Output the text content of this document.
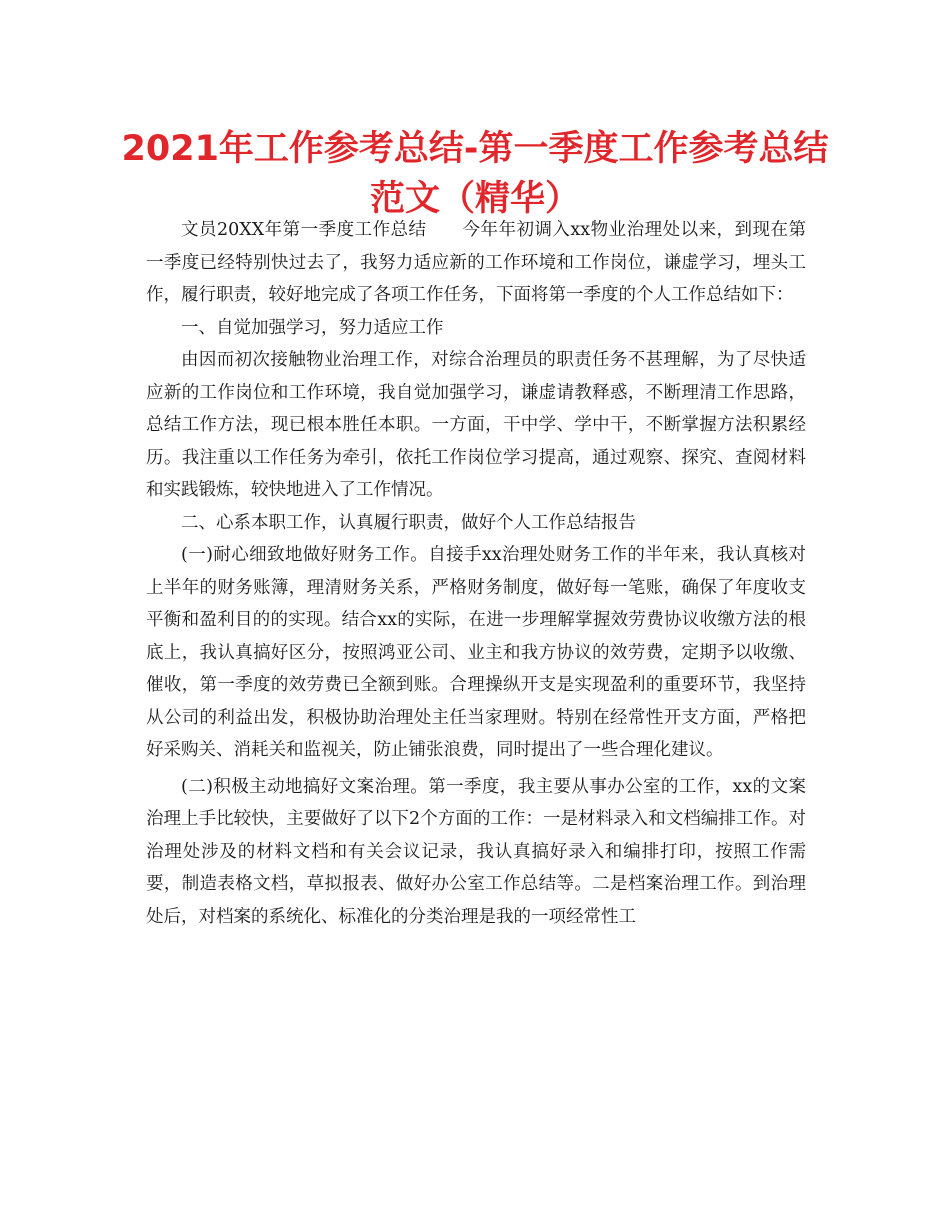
2021年工作参考总结-第一季度工作参考总结范文（精华）

文员20XX年第一季度工作总结　　今年年初调入xx物业治理处以来，到现在第一季度已经特别快过去了，我努力适应新的工作环境和工作岗位，谦虚学习，埋头工作，履行职责，较好地完成了各项工作任务，下面将第一季度的个人工作总结如下：

一、自觉加强学习，努力适应工作

由因而初次接触物业治理工作，对综合治理员的职责任务不甚理解，为了尽快适应新的工作岗位和工作环境，我自觉加强学习，谦虚请教释惑，不断理清工作思路，总结工作方法，现已根本胜任本职。一方面，干中学、学中干，不断掌握方法积累经历。我注重以工作任务为牵引，依托工作岗位学习提高，通过观察、探究、查阅材料和实践锻炼，较快地进入了工作情况。

二、心系本职工作，认真履行职责，做好个人工作总结报告

(一)耐心细致地做好财务工作。自接手xx治理处财务工作的半年来，我认真核对上半年的财务账簿，理清财务关系，严格财务制度，做好每一笔账，确保了年度收支平衡和盈利目的的实现。结合xx的实际，在进一步理解掌握效劳费协议收缴方法的根底上，我认真搞好区分，按照鸿亚公司、业主和我方协议的效劳费，定期予以收缴、催收，第一季度的效劳费已全额到账。合理操纵开支是实现盈利的重要环节，我坚持从公司的利益出发，积极协助治理处主任当家理财。特别在经常性开支方面，严格把好采购关、消耗关和监视关，防止铺张浪费，同时提出了一些合理化建议。

(二)积极主动地搞好文案治理。第一季度，我主要从事办公室的工作，xx的文案治理上手比较快，主要做好了以下2个方面的工作：一是材料录入和文档编排工作。对治理处涉及的材料文档和有关会议记录，我认真搞好录入和编排打印，按照工作需要，制造表格文档，草拟报表、做好办公室工作总结等。二是档案治理工作。到治理处后，对档案的系统化、标准化的分类治理是我的一项经常性工
